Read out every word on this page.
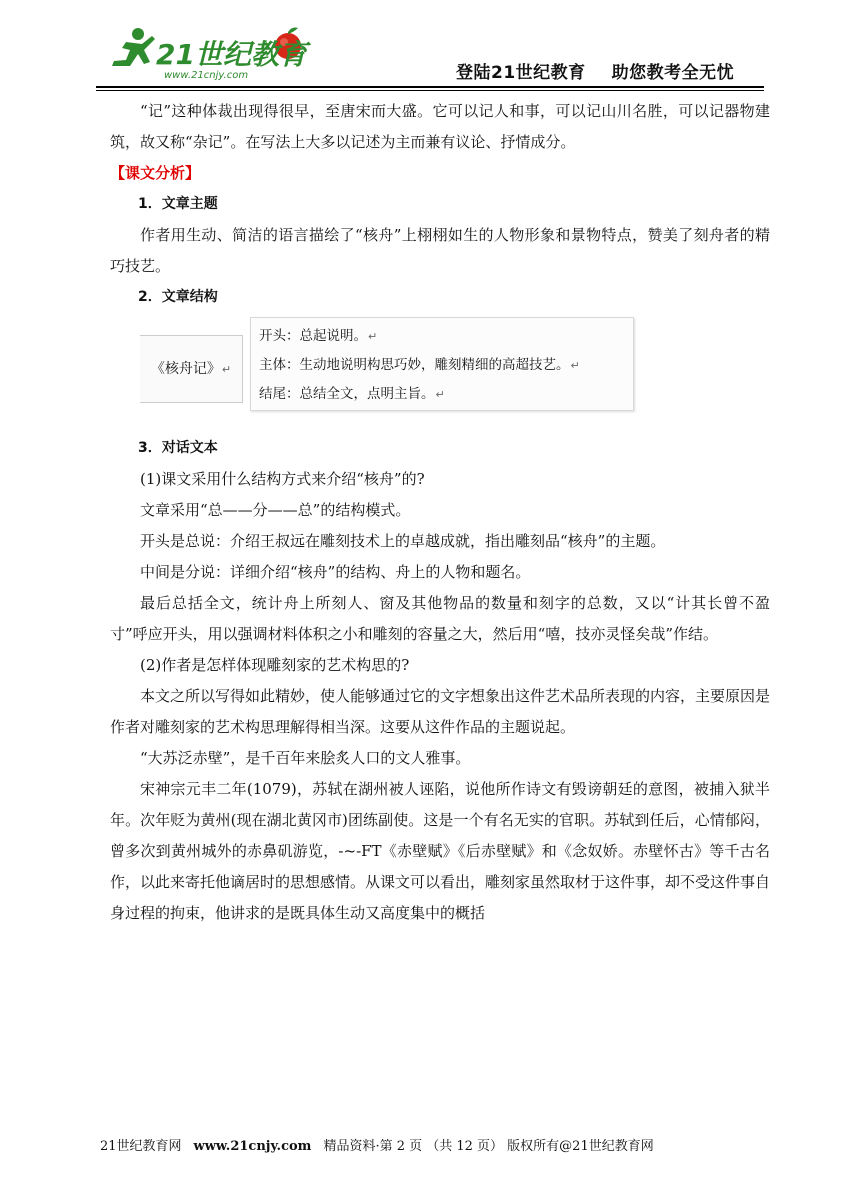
21世纪教育
www.21cnjy.com	登陆21世纪教育 助您教考全无忧

“记”这种体裁出现得很早，至唐宋而大盛。它可以记人和事，可以记山川名胜，可以记器物建筑，故又称“杂记”。在写法上大多以记述为主而兼有议论、抒情成分。

【课文分析】

1．文章主题

作者用生动、简洁的语言描绘了“核舟”上栩栩如生的人物形象和景物特点，赞美了刻舟者的精巧技艺。

2．文章结构

《核舟记》 ↵
开头：总起说明。↵
主体：生动地说明构思巧妙，雕刻精细的高超技艺。↵
结尾：总结全文，点明主旨。↵

3．对话文本

(1)课文采用什么结构方式来介绍“核舟”的?

文章采用“总——分——总”的结构模式。

开头是总说：介绍王叔远在雕刻技术上的卓越成就，指出雕刻品“核舟”的主题。

中间是分说：详细介绍“核舟”的结构、舟上的人物和题名。

最后总括全文，统计舟上所刻人、窗及其他物品的数量和刻字的总数，又以“计其长曾不盈寸”呼应开头，用以强调材料体积之小和雕刻的容量之大，然后用“嘻，技亦灵怪矣哉”作结。

(2)作者是怎样体现雕刻家的艺术构思的?

本文之所以写得如此精妙，使人能够通过它的文字想象出这件艺术品所表现的内容，主要原因是作者对雕刻家的艺术构思理解得相当深。这要从这件作品的主题说起。

“大苏泛赤壁”，是千百年来脍炙人口的文人雅事。

宋神宗元丰二年(1079)，苏轼在湖州被人诬陷，说他所作诗文有毁谤朝廷的意图，被捕入狱半年。次年贬为黄州(现在湖北黄冈市)团练副使。这是一个有名无实的官职。苏轼到任后，心情郁闷，曾多次到黄州城外的赤鼻矶游览，-~-FT《赤壁赋》《后赤壁赋》和《念奴娇。赤壁怀古》等千古名作，以此来寄托他谪居时的思想感情。从课文可以看出，雕刻家虽然取材于这件事，却不受这件事自身过程的拘束，他讲求的是既具体生动又高度集中的概括

21世纪教育网 www.21cnjy.com 精品资料·第 2 页 （共 12 页） 版权所有@21世纪教育网
